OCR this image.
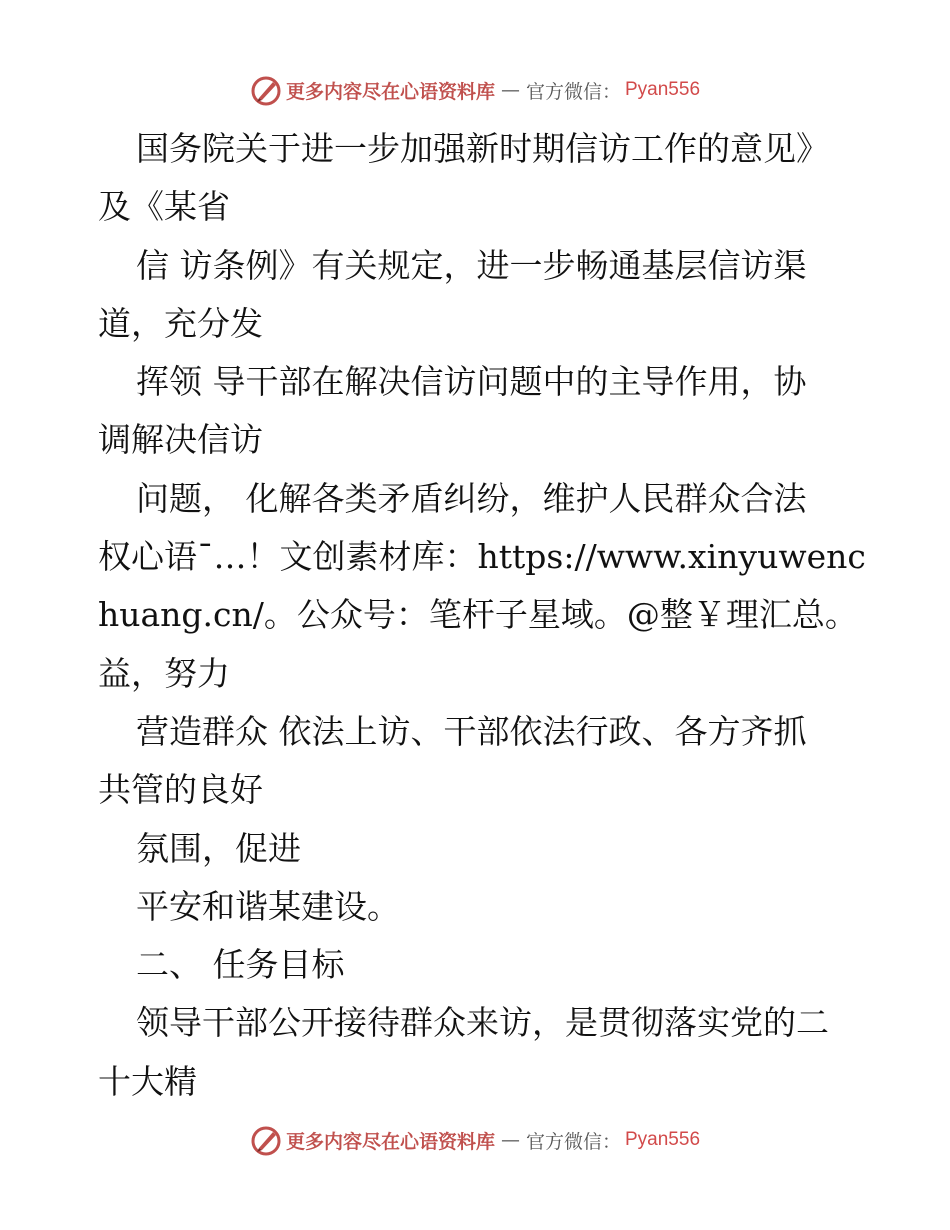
更多内容尽在心语资料库 — 官方微信： Pyan556
国务院关于进一步加强新时期信访工作的意见》
及《某省
信 访条例》有关规定，进一步畅通基层信访渠
道，充分发
挥领 导干部在解决信访问题中的主导作用，协
调解决信访
问题， 化解各类矛盾纠纷，维护人民群众合法
权心语¯…！文创素材库：https://www.xinyuwenc
huang.cn/。公众号：笔杆子星域。@整￥理汇总。
益，努力
营造群众 依法上访、干部依法行政、各方齐抓
共管的良好
氛围，促进
平安和谐某建设。
二、 任务目标
领导干部公开接待群众来访，是贯彻落实党的二
十大精
更多内容尽在心语资料库 — 官方微信： Pyan556
